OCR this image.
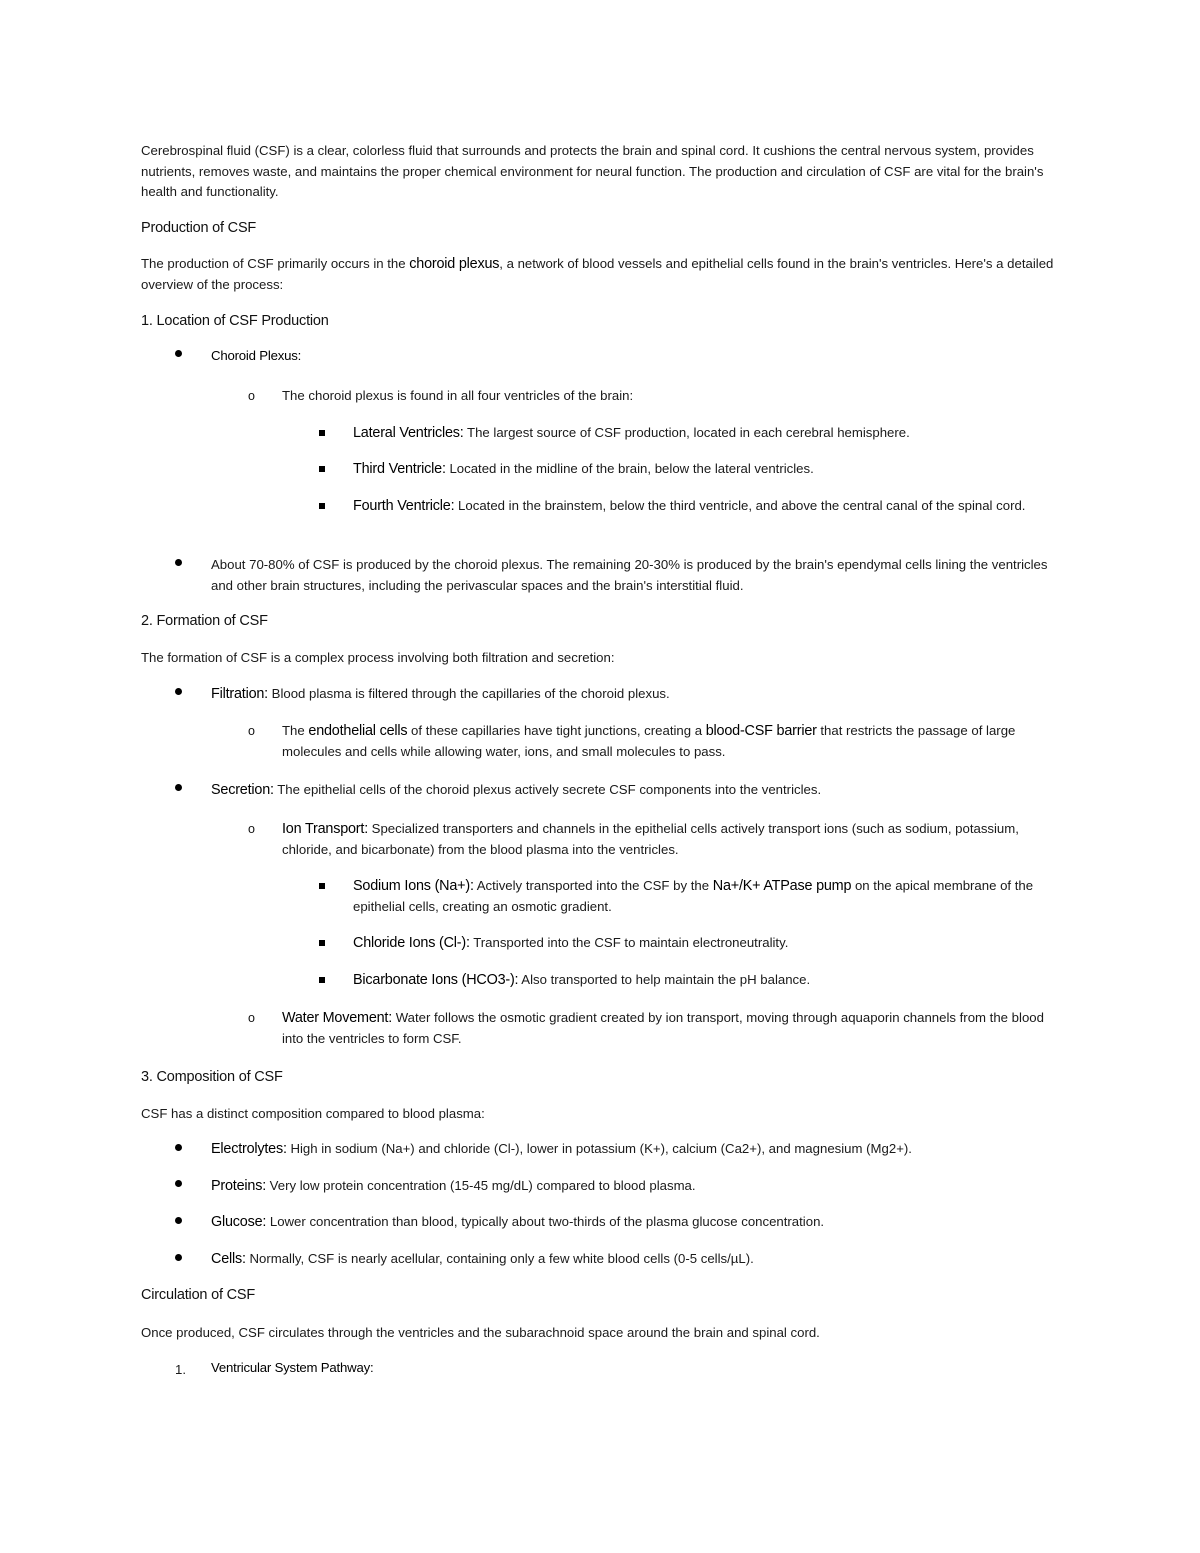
Cerebrospinal fluid (CSF) is a clear, colorless fluid that surrounds and protects the brain and spinal cord. It cushions the central nervous system, provides nutrients, removes waste, and maintains the proper chemical environment for neural function. The production and circulation of CSF are vital for the brain's health and functionality.

Production of CSF

The production of CSF primarily occurs in the choroid plexus, a network of blood vessels and epithelial cells found in the brain's ventricles. Here's a detailed overview of the process:

1. Location of CSF Production
Choroid Plexus:
o The choroid plexus is found in all four ventricles of the brain:
Lateral Ventricles: The largest source of CSF production, located in each cerebral hemisphere.
Third Ventricle: Located in the midline of the brain, below the lateral ventricles.
Fourth Ventricle: Located in the brainstem, below the third ventricle, and above the central canal of the spinal cord.
About 70-80% of CSF is produced by the choroid plexus. The remaining 20-30% is produced by the brain's ependymal cells lining the ventricles and other brain structures, including the perivascular spaces and the brain's interstitial fluid.
2. Formation of CSF
The formation of CSF is a complex process involving both filtration and secretion:
Filtration: Blood plasma is filtered through the capillaries of the choroid plexus.
o The endothelial cells of these capillaries have tight junctions, creating a blood-CSF barrier that restricts the passage of large molecules and cells while allowing water, ions, and small molecules to pass.
Secretion: The epithelial cells of the choroid plexus actively secrete CSF components into the ventricles.
o Ion Transport: Specialized transporters and channels in the epithelial cells actively transport ions (such as sodium, potassium, chloride, and bicarbonate) from the blood plasma into the ventricles.
Sodium Ions (Na+): Actively transported into the CSF by the Na+/K+ ATPase pump on the apical membrane of the epithelial cells, creating an osmotic gradient.
Chloride Ions (Cl-): Transported into the CSF to maintain electroneutrality.
Bicarbonate Ions (HCO3-): Also transported to help maintain the pH balance.
o Water Movement: Water follows the osmotic gradient created by ion transport, moving through aquaporin channels from the blood into the ventricles to form CSF.
3. Composition of CSF
CSF has a distinct composition compared to blood plasma:
Electrolytes: High in sodium (Na+) and chloride (Cl-), lower in potassium (K+), calcium (Ca2+), and magnesium (Mg2+).
Proteins: Very low protein concentration (15-45 mg/dL) compared to blood plasma.
Glucose: Lower concentration than blood, typically about two-thirds of the plasma glucose concentration.
Cells: Normally, CSF is nearly acellular, containing only a few white blood cells (0-5 cells/µL).
Circulation of CSF
Once produced, CSF circulates through the ventricles and the subarachnoid space around the brain and spinal cord.
1. Ventricular System Pathway:
